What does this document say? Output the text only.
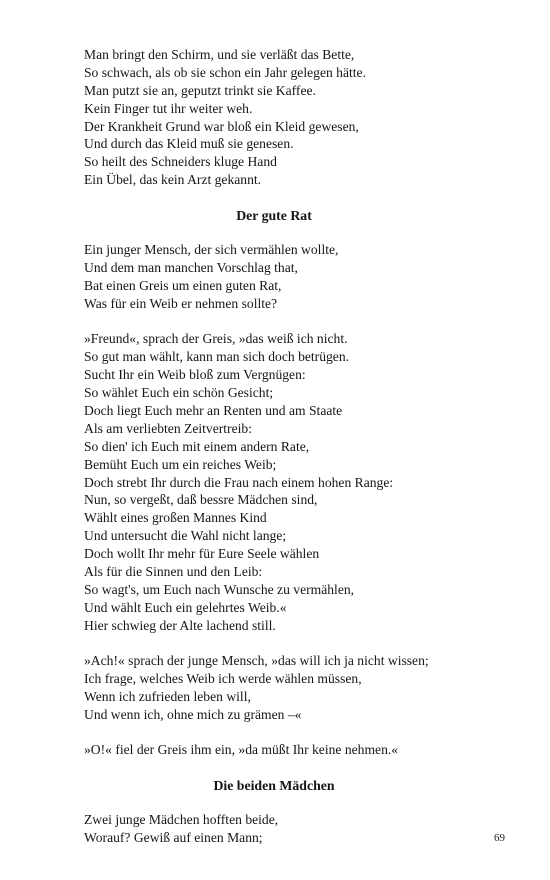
Man bringt den Schirm, und sie verläßt das Bette,
So schwach, als ob sie schon ein Jahr gelegen hätte.
Man putzt sie an, geputzt trinkt sie Kaffee.
Kein Finger tut ihr weiter weh.
Der Krankheit Grund war bloß ein Kleid gewesen,
Und durch das Kleid muß sie genesen.
So heilt des Schneiders kluge Hand
Ein Übel, das kein Arzt gekannt.
Der gute Rat
Ein junger Mensch, der sich vermählen wollte,
Und dem man manchen Vorschlag that,
Bat einen Greis um einen guten Rat,
Was für ein Weib er nehmen sollte?
»Freund«, sprach der Greis, »das weiß ich nicht.
So gut man wählt, kann man sich doch betrügen.
Sucht Ihr ein Weib bloß zum Vergnügen:
So wählet Euch ein schön Gesicht;
Doch liegt Euch mehr an Renten und am Staate
Als am verliebten Zeitvertreib:
So dien' ich Euch mit einem andern Rate,
Bemüht Euch um ein reiches Weib;
Doch strebt Ihr durch die Frau nach einem hohen Range:
Nun, so vergeßt, daß bessre Mädchen sind,
Wählt eines großen Mannes Kind
Und untersucht die Wahl nicht lange;
Doch wollt Ihr mehr für Eure Seele wählen
Als für die Sinnen und den Leib:
So wagt's, um Euch nach Wunsche zu vermählen,
Und wählt Euch ein gelehrtes Weib.«
Hier schwieg der Alte lachend still.
»Ach!« sprach der junge Mensch, »das will ich ja nicht wissen;
Ich frage, welches Weib ich werde wählen müssen,
Wenn ich zufrieden leben will,
Und wenn ich, ohne mich zu grämen –«
»O!« fiel der Greis ihm ein, »da müßt Ihr keine nehmen.«
Die beiden Mädchen
Zwei junge Mädchen hofften beide,
Worauf? Gewiß auf einen Mann;	69
